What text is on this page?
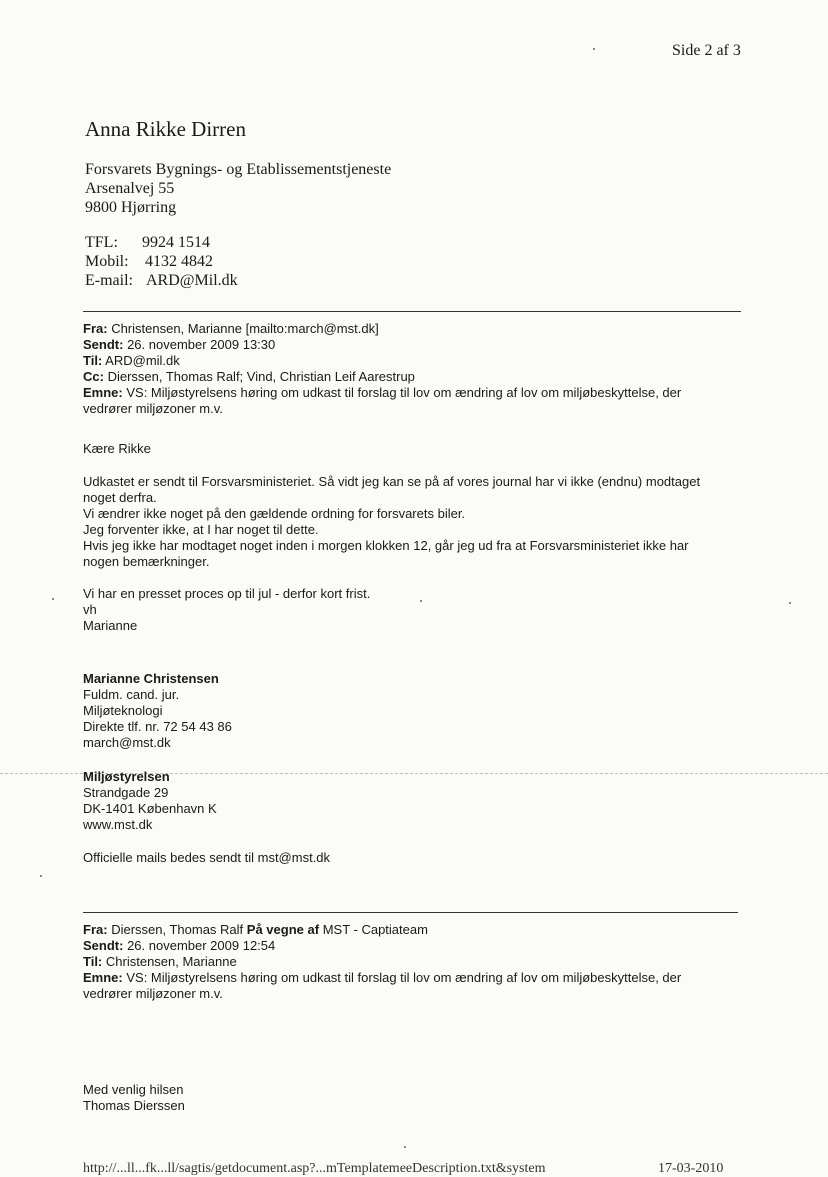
Side 2 af 3
Anna Rikke Dirren
Forsvarets Bygnings- og Etablissementstjeneste
Arsenalvej 55
9800 Hjørring
TFL: 9924 1514
Mobil: 4132 4842
E-mail: ARD@Mil.dk
Fra: Christensen, Marianne [mailto:march@mst.dk]
Sendt: 26. november 2009 13:30
Til: ARD@mil.dk
Cc: Dierssen, Thomas Ralf; Vind, Christian Leif Aarestrup
Emne: VS: Miljøstyrelsens høring om udkast til forslag til lov om ændring af lov om miljøbeskyttelse, der
vedrører miljøzoner m.v.
Kære Rikke
Udkastet er sendt til Forsvarsministeriet. Så vidt jeg kan se på af vores journal har vi ikke (endnu) modtaget
noget derfra.
Vi ændrer ikke noget på den gældende ordning for forsvarets biler.
Jeg forventer ikke, at I har noget til dette.
Hvis jeg ikke har modtaget noget inden i morgen klokken 12, går jeg ud fra at Forsvarsministeriet ikke har
nogen bemærkninger.
Vi har en presset proces op til jul - derfor kort frist.
vh
Marianne
Marianne Christensen
Fuldm. cand. jur.
Miljøteknologi
Direkte tlf. nr. 72 54 43 86
march@mst.dk
Miljøstyrelsen
Strandgade 29
DK-1401 København K
www.mst.dk
Officielle mails bedes sendt til mst@mst.dk
Fra: Dierssen, Thomas Ralf På vegne af MST - Captiateam
Sendt: 26. november 2009 12:54
Til: Christensen, Marianne
Emne: VS: Miljøstyrelsens høring om udkast til forslag til lov om ændring af lov om miljøbeskyttelse, der
vedrører miljøzoner m.v.
Med venlig hilsen
Thomas Dierssen
http://...ll...fk...ll/sagtis/getdocument.asp?...mTemplatemeeDescription.txt&system	17-03-2010
